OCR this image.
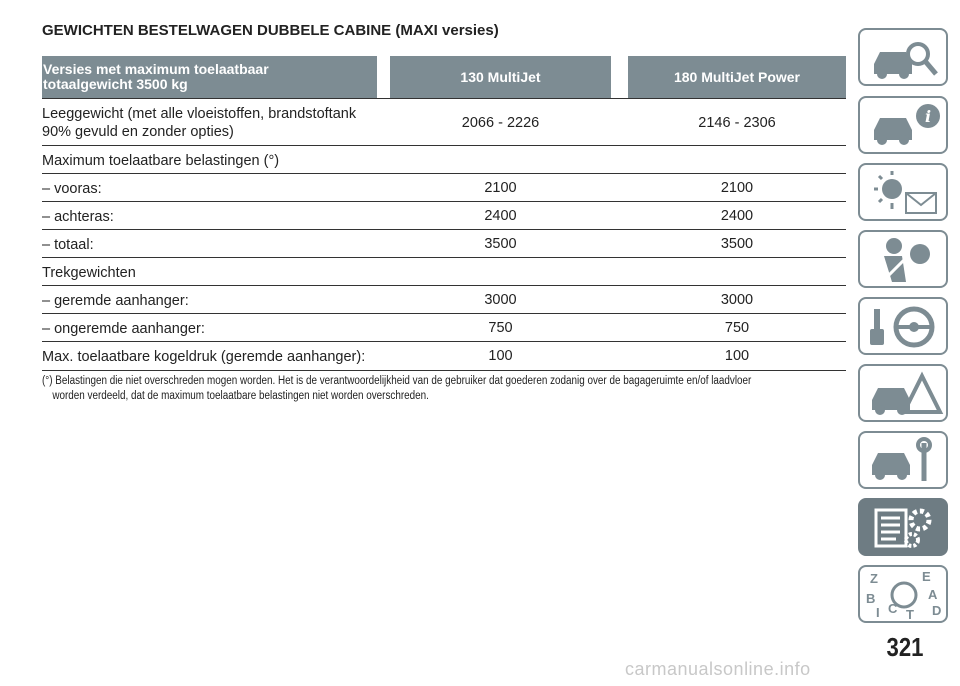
GEWICHTEN BESTELWAGEN DUBBELE CABINE (MAXI versies)
Versies met maximum toelaatbaar
totaalgewicht 3500 kg	130 MultiJet	180 MultiJet Power
Leeggewicht (met alle vloeistoffen, brandstoftank
90% gevuld en zonder opties)
2066 - 2226	2146 - 2306
Maximum toelaatbare belastingen (°)
– vooras:	2100	2100
– achteras:	2400	2400
– totaal:	3500	3500
Trekgewichten
– geremde aanhanger:	3000	3000
– ongeremde aanhanger:	750	750
Max. toelaatbare kogeldruk (geremde aanhanger):	100	100
(°) Belastingen die niet overschreden mogen worden. Het is de verantwoordelijkheid van de gebruiker dat goederen zodanig over de bagageruimte en/of laadvloer
worden verdeeld, dat de maximum toelaatbare belastingen niet worden overschreden.
i
Z	E
B	A
C	D
I T
321
carmanualsonline.info
